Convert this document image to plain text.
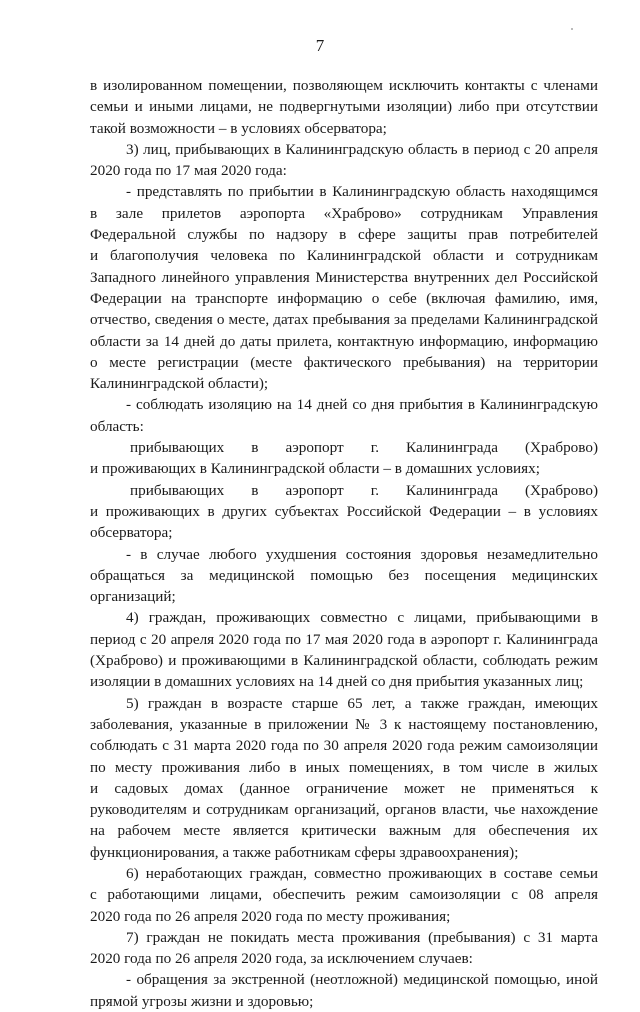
7
в изолированном помещении, позволяющем исключить контакты с членами
семьи и иными лицами, не подвергнутыми изоляции) либо при отсутствии
такой возможности – в условиях обсерватора;
3) лиц, прибывающих в Калининградскую область в период с 20 апреля
2020 года по 17 мая 2020 года:
- представлять по прибытии в Калининградскую область находящимся
в зале прилетов аэропорта «Храброво» сотрудникам Управления
Федеральной службы по надзору в сфере защиты прав потребителей
и благополучия человека по Калининградской области и сотрудникам
Западного линейного управления Министерства внутренних дел Российской
Федерации на транспорте информацию о себе (включая фамилию, имя,
отчество, сведения о месте, датах пребывания за пределами Калининградской
области за 14 дней до даты прилета, контактную информацию, информацию
о месте регистрации (месте фактического пребывания) на территории
Калининградской области);
- соблюдать изоляцию на 14 дней со дня прибытия в Калининградскую
область:
прибывающих в аэропорт г. Калининграда (Храброво)
и проживающих в Калининградской области – в домашних условиях;
прибывающих в аэропорт г. Калининграда (Храброво)
и проживающих в других субъектах Российской Федерации – в условиях
обсерватора;
- в случае любого ухудшения состояния здоровья незамедлительно
обращаться за медицинской помощью без посещения медицинских
организаций;
4) граждан, проживающих совместно с лицами, прибывающими в
период с 20 апреля 2020 года по 17 мая 2020 года в аэропорт г. Калининграда
(Храброво) и проживающими в Калининградской области, соблюдать режим
изоляции в домашних условиях на 14 дней со дня прибытия указанных лиц;
5) граждан в возрасте старше 65 лет, а также граждан, имеющих
заболевания, указанные в приложении № 3 к настоящему постановлению,
соблюдать с 31 марта 2020 года по 30 апреля 2020 года режим самоизоляции
по месту проживания либо в иных помещениях, в том числе в жилых
и садовых домах (данное ограничение может не применяться к
руководителям и сотрудникам организаций, органов власти, чье нахождение
на рабочем месте является критически важным для обеспечения их
функционирования, а также работникам сферы здравоохранения);
6) неработающих граждан, совместно проживающих в составе семьи
с работающими лицами, обеспечить режим самоизоляции с 08 апреля
2020 года по 26 апреля 2020 года по месту проживания;
7) граждан не покидать места проживания (пребывания) с 31 марта
2020 года по 26 апреля 2020 года, за исключением случаев:
- обращения за экстренной (неотложной) медицинской помощью, иной
прямой угрозы жизни и здоровью;
